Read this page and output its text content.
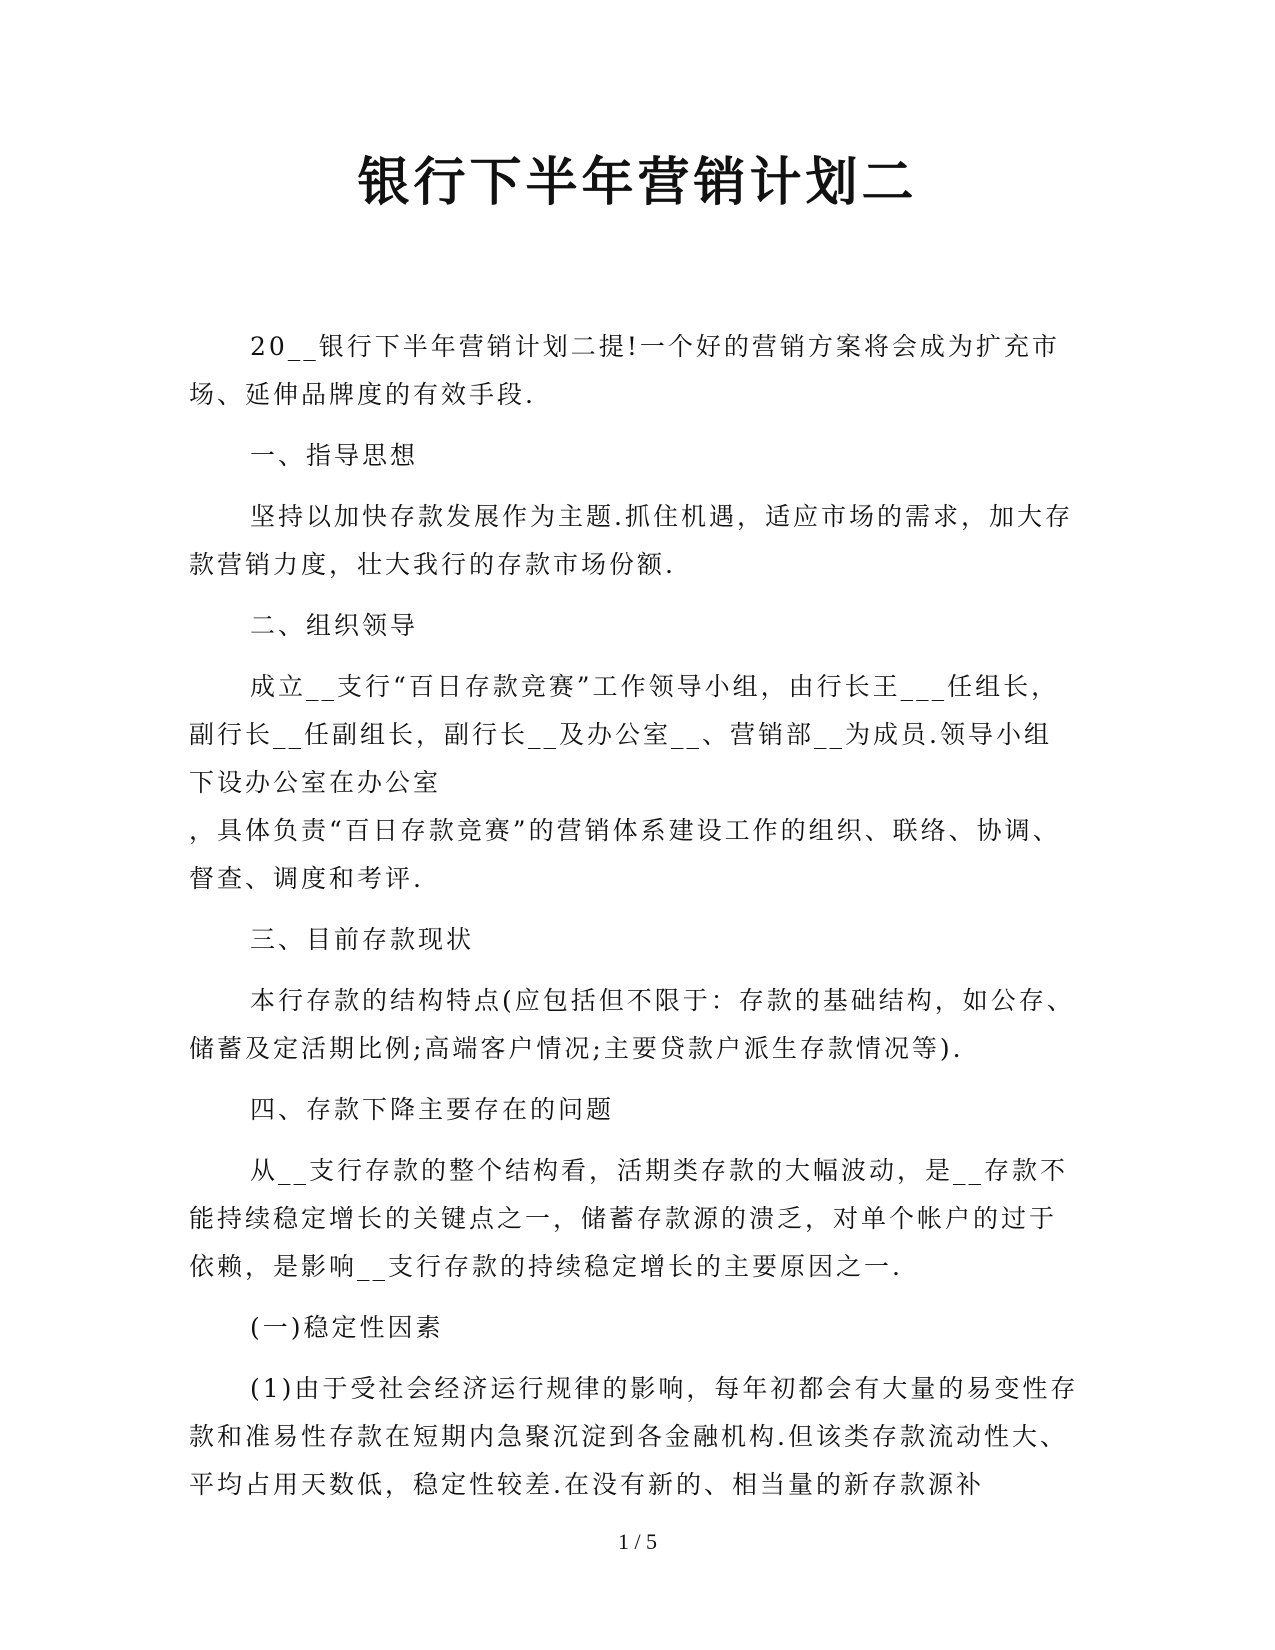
银行下半年营销计划二

20__银行下半年营销计划二提!一个好的营销方案将会成为扩充市场、延伸品牌度的有效手段.

一、指导思想

坚持以加快存款发展作为主题.抓住机遇，适应市场的需求，加大存款营销力度，壮大我行的存款市场份额.

二、组织领导

成立__支行“百日存款竞赛”工作领导小组，由行长王___任组长，副行长__任副组长，副行长__及办公室__、营销部__为成员.领导小组下设办公室在办公室

，具体负责“百日存款竞赛”的营销体系建设工作的组织、联络、协调、督查、调度和考评.

三、目前存款现状

本行存款的结构特点(应包括但不限于：存款的基础结构，如公存、储蓄及定活期比例;高端客户情况;主要贷款户派生存款情况等).

四、存款下降主要存在的问题

从__支行存款的整个结构看，活期类存款的大幅波动，是__存款不能持续稳定增长的关键点之一，储蓄存款源的溃乏，对单个帐户的过于依赖，是影响__支行存款的持续稳定增长的主要原因之一.

(一)稳定性因素

(1)由于受社会经济运行规律的影响，每年初都会有大量的易变性存款和准易性存款在短期内急聚沉淀到各金融机构.但该类存款流动性大、平均占用天数低，稳定性较差.在没有新的、相当量的新存款源补

1 / 5
